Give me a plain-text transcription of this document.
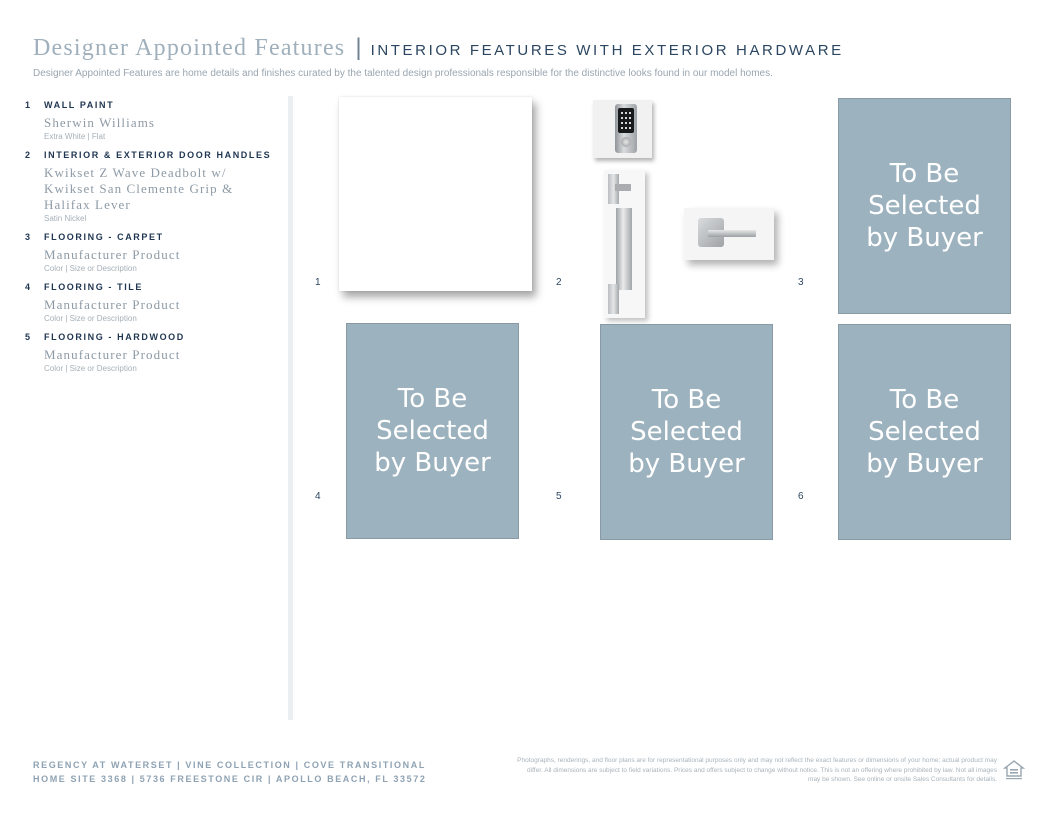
Designer Appointed Features | INTERIOR FEATURES WITH EXTERIOR HARDWARE
Designer Appointed Features are home details and finishes curated by the talented design professionals responsible for the distinctive looks found in our model homes.
1	WALL PAINT
Sherwin Williams
Extra White | Flat
2	INTERIOR & EXTERIOR DOOR HANDLES
Kwikset Z Wave Deadbolt w/ Kwikset San Clemente Grip & Halifax Lever
Satin Nickel
3	FLOORING - CARPET
Manufacturer Product
Color | Size or Description
4	FLOORING - TILE
Manufacturer Product
Color | Size or Description
5	FLOORING - HARDWOOD
Manufacturer Product
Color | Size or Description
1	2	3
4	5	6
To Be
Selected
by Buyer
To Be
Selected
by Buyer
To Be
Selected
by Buyer
To Be
Selected
by Buyer
REGENCY AT WATERSET | VINE COLLECTION | COVE TRANSITIONAL
HOME SITE 3368 | 5736 FREESTONE CIR | APOLLO BEACH, FL 33572
Photographs, renderings, and floor plans are for representational purposes only and may not reflect the exact features or dimensions of your home; actual product may differ. All dimensions are subject to field variations. Prices and offers subject to change without notice. This is not an offering where prohibited by law. Not all images may be shown. See online or onsite Sales Consultants for details.
